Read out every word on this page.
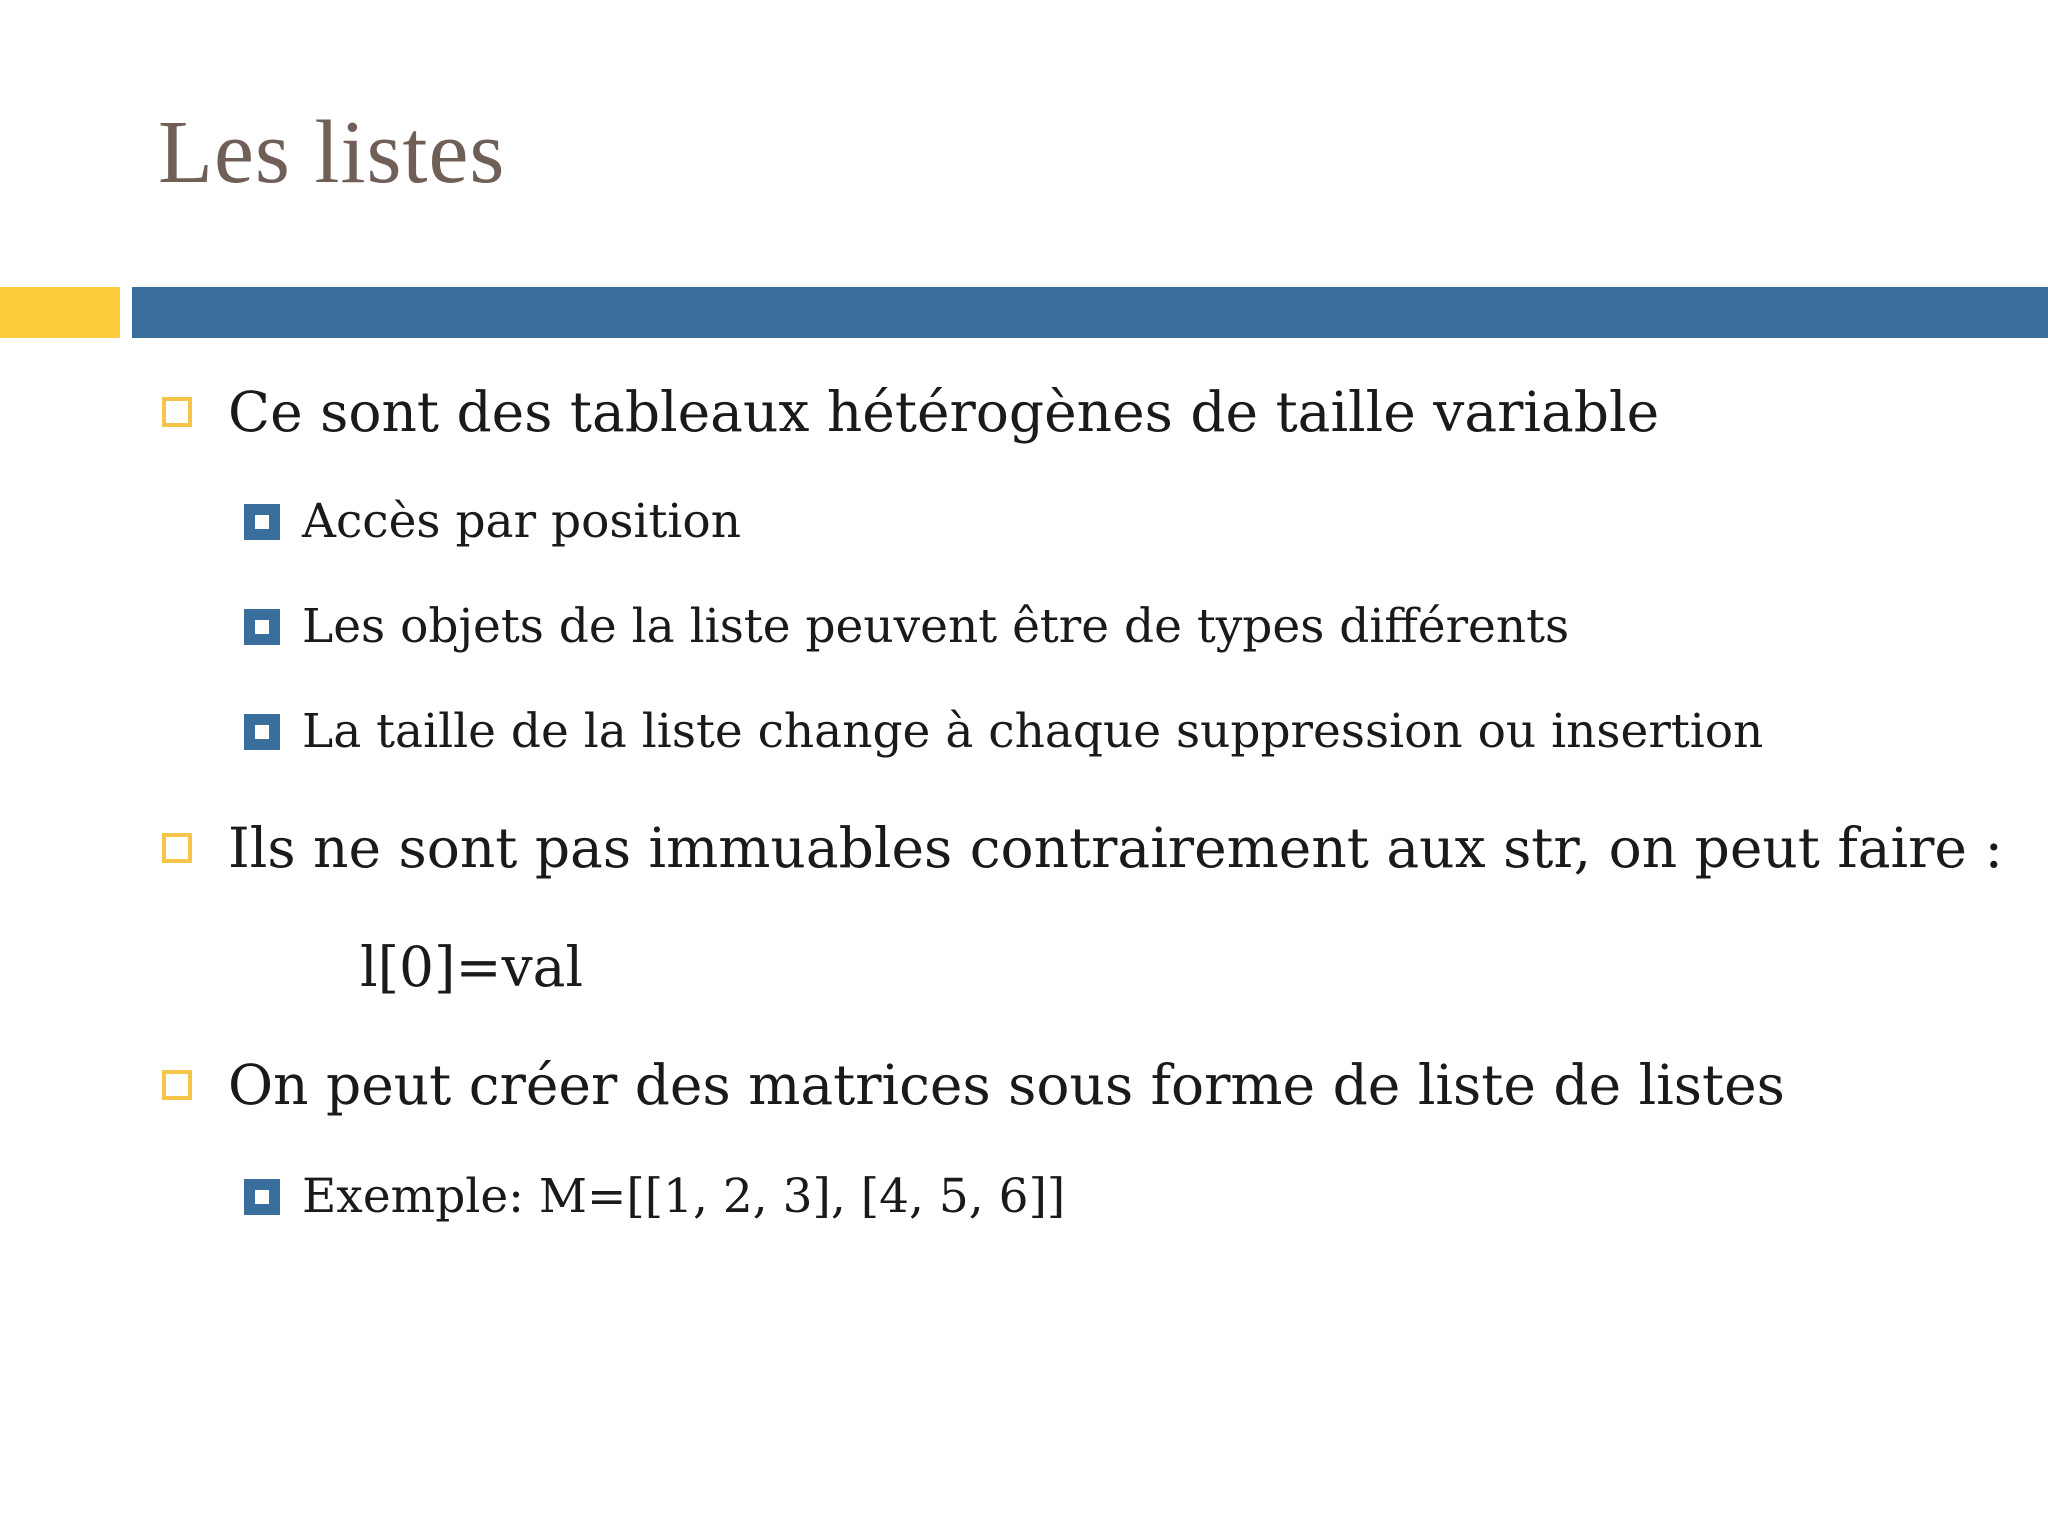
Les listes
Ce sont des tableaux hétérogènes de taille variable
Accès par position
Les objets de la liste peuvent être de types différents
La taille de la liste change à chaque suppression ou insertion
Ils ne sont pas immuables contrairement aux str, on peut faire :
l[0]=val
On peut créer des matrices sous forme de liste de listes
Exemple: M=[[1, 2, 3], [4, 5, 6]]
